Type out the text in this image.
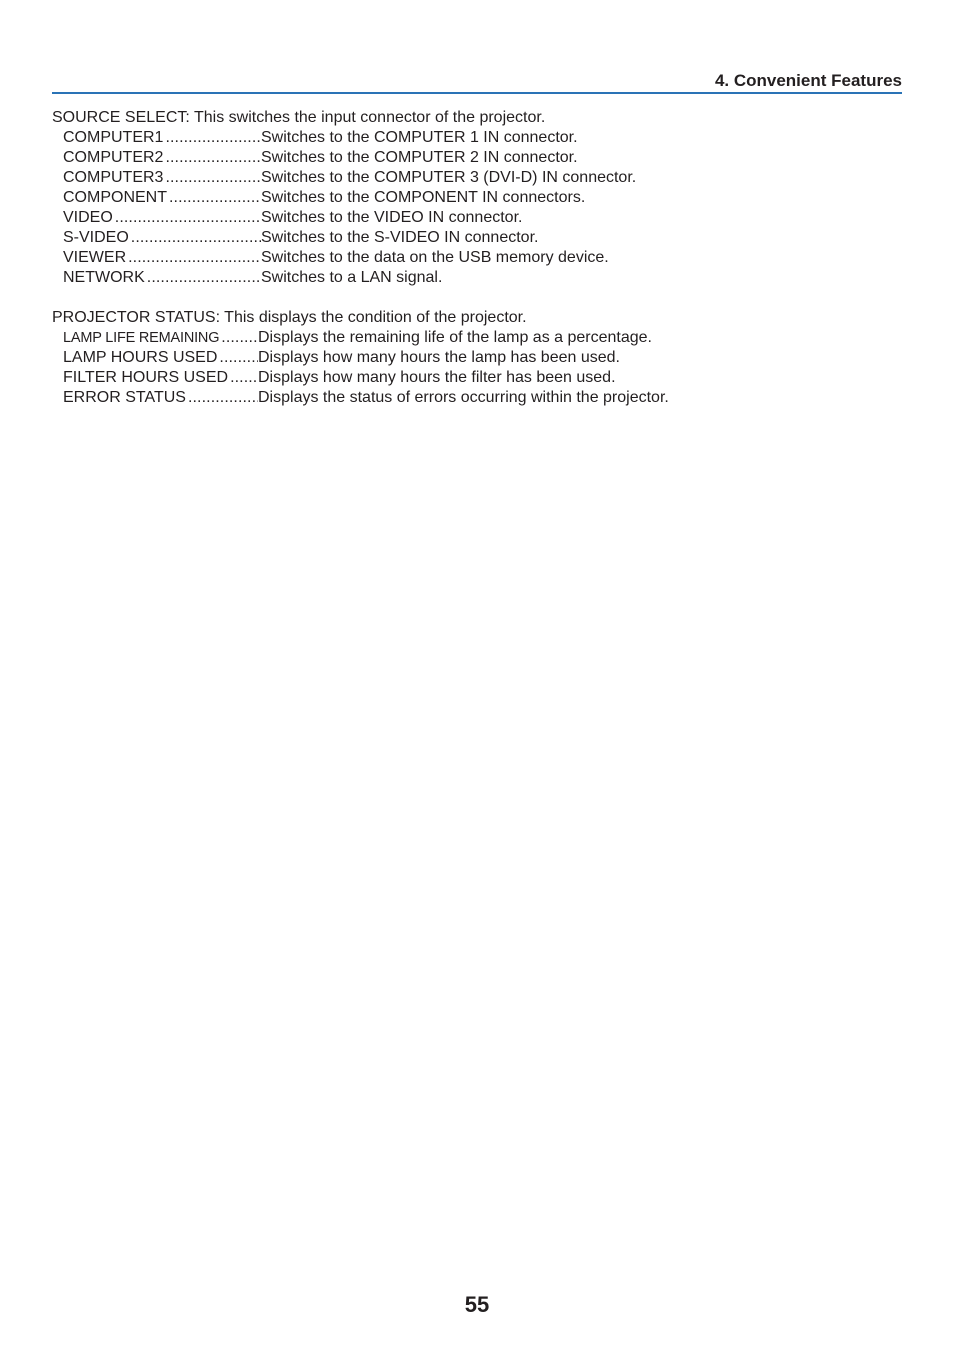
4. Convenient Features
SOURCE SELECT: This switches the input connector of the projector.
COMPUTER1 .....	Switches to the COMPUTER 1 IN connector.
COMPUTER2 .....	Switches to the COMPUTER 2 IN connector.
COMPUTER3 .....	Switches to the COMPUTER 3 (DVI-D) IN connector.
COMPONENT .....	Switches to the COMPONENT IN connectors.
VIDEO .....	Switches to the VIDEO IN connector.
S-VIDEO .....	Switches to the S-VIDEO IN connector.
VIEWER .....	Switches to the data on the USB memory device.
NETWORK .....	Switches to a LAN signal.
PROJECTOR STATUS: This displays the condition of the projector.
LAMP LIFE REMAINING ..... Displays the remaining life of the lamp as a percentage.
LAMP HOURS USED .....	Displays how many hours the lamp has been used.
FILTER HOURS USED ..... Displays how many hours the filter has been used.
ERROR STATUS .....	Displays the status of errors occurring within the projector.
55
